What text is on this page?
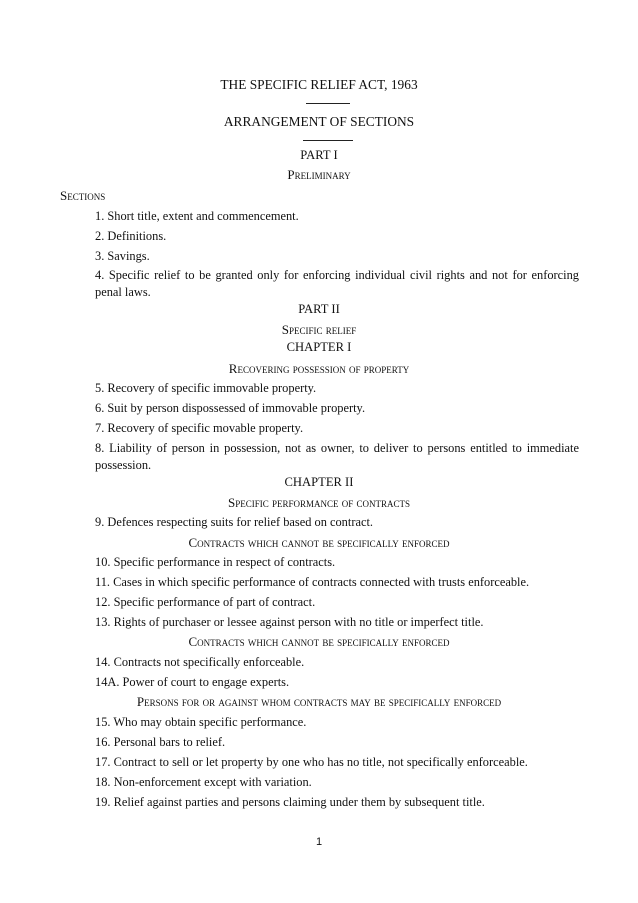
THE SPECIFIC RELIEF ACT, 1963
ARRANGEMENT OF SECTIONS
PART I
Preliminary
Sections
1. Short title, extent and commencement.
2. Definitions.
3. Savings.
4. Specific relief to be granted only for enforcing individual civil rights and not for enforcing penal laws.
PART II
Specific relief
CHAPTER I
Recovering possession of property
5. Recovery of specific immovable property.
6. Suit by person dispossessed of immovable property.
7. Recovery of specific movable property.
8. Liability of person in possession, not as owner, to deliver to persons entitled to immediate possession.
CHAPTER II
Specific performance of contracts
9. Defences respecting suits for relief based on contract.
Contracts which cannot be specifically enforced
10. Specific performance in respect of contracts.
11. Cases in which specific performance of contracts connected with trusts enforceable.
12. Specific performance of part of contract.
13. Rights of purchaser or lessee against person with no title or imperfect title.
Contracts which cannot be specifically enforced
14. Contracts not specifically enforceable.
14A. Power of court to engage experts.
Persons for or against whom contracts may be specifically enforced
15. Who may obtain specific performance.
16. Personal bars to relief.
17. Contract to sell or let property by one who has no title, not specifically enforceable.
18. Non-enforcement except with variation.
19. Relief against parties and persons claiming under them by subsequent title.
1
